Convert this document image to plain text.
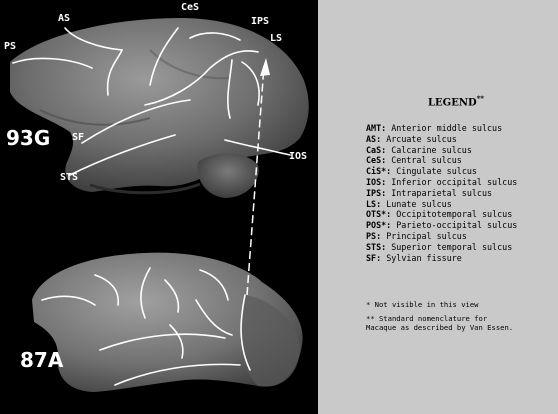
AS
CeS
IPS
LS
PS
SF
STS
IOS
93G
87A
LEGEND**
AMT: Anterior middle sulcus
AS: Arcuate sulcus
CaS: Calcarine sulcus
CeS: Central sulcus
CiS*: Cingulate sulcus
IOS: Inferior occipital sulcus
IPS: Intraparietal sulcus
LS: Lunate sulcus
OTS*: Occipitotemporal sulcus
POS*: Parieto-occipital sulcus
PS: Principal sulcus
STS: Superior temporal sulcus
SF: Sylvian fissure
* Not visible in this view
** Standard nomenclature for
Macaque as described by Van Essen.
